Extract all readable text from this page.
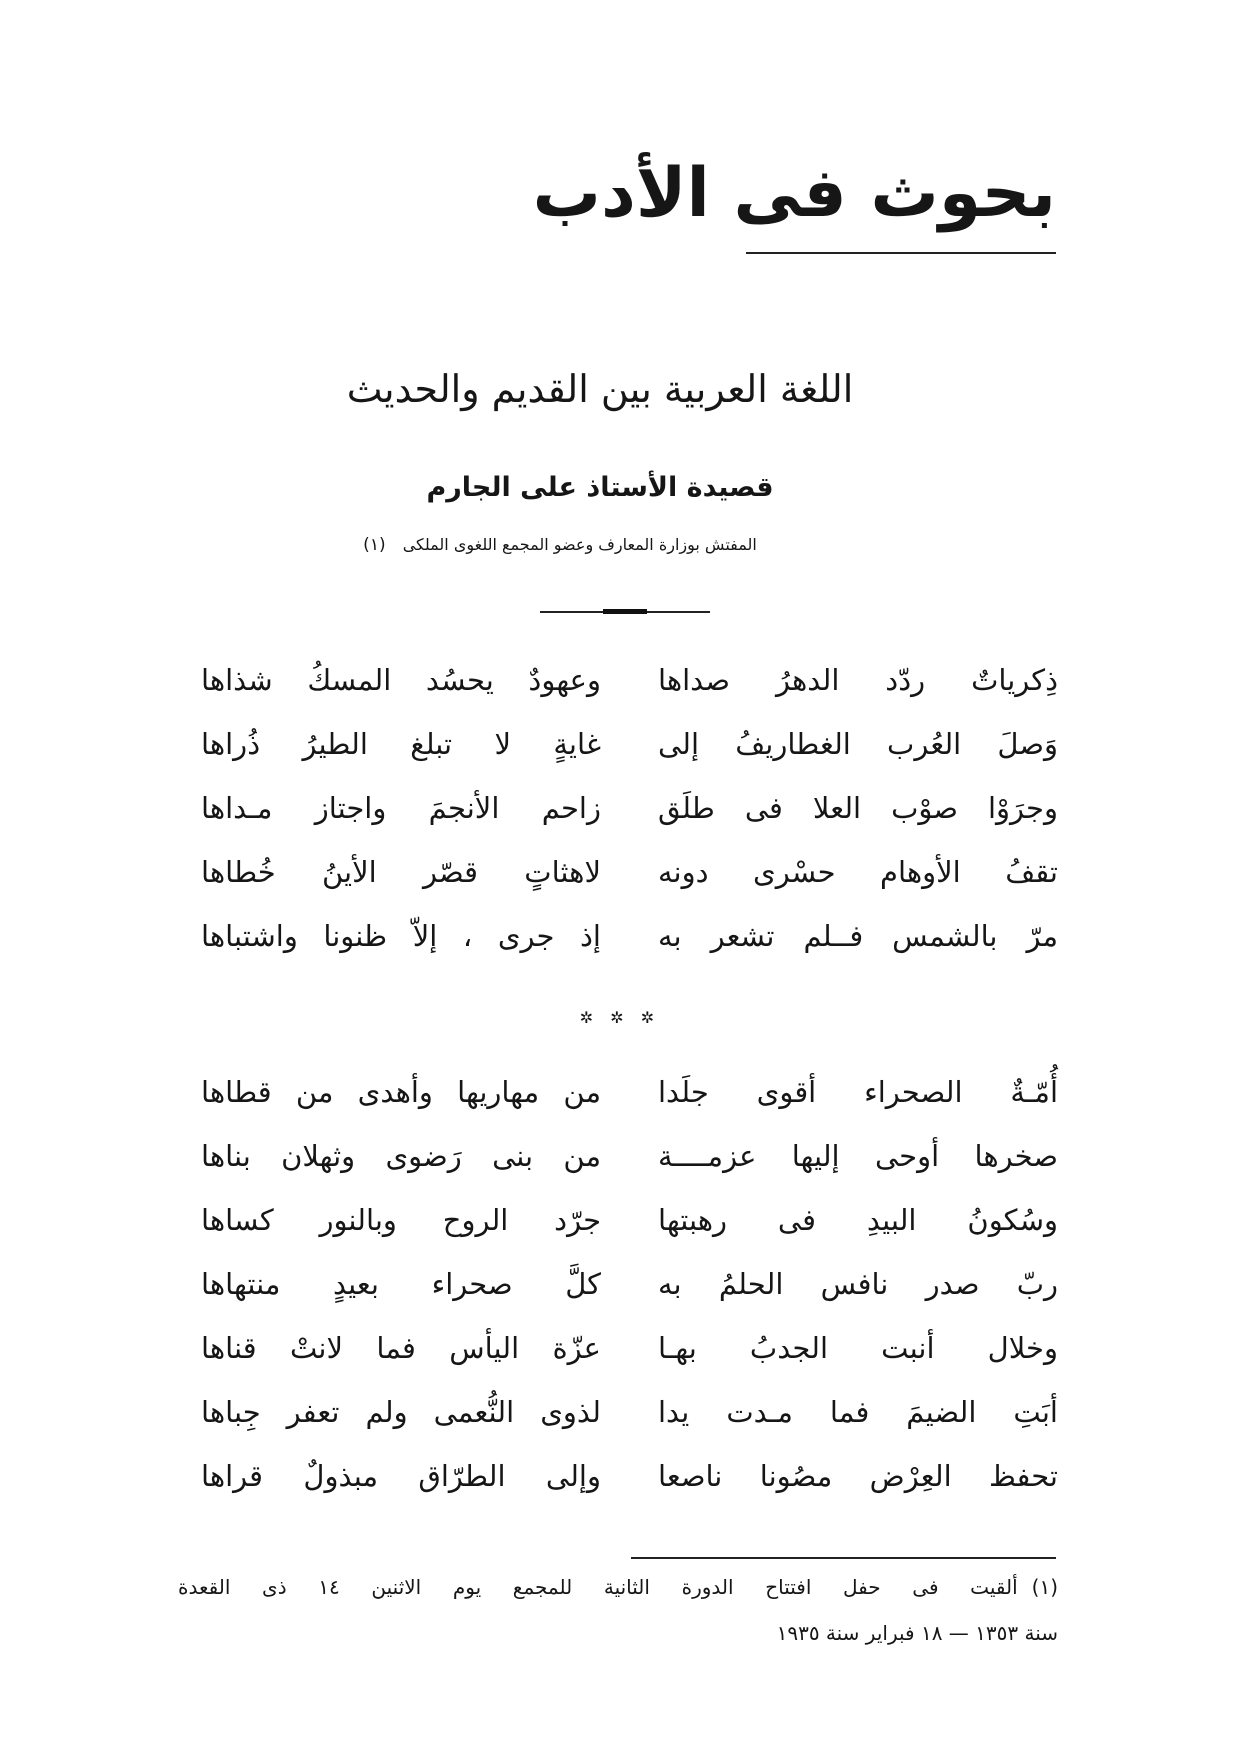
بحوث فى الأدب
اللغة العربية بين القديم والحديث
قصيدة الأستاذ على الجارم
المفتش بوزارة المعارف وعضو المجمع اللغوى الملكى (١)
ذِكرياتٌ ردّد الدهرُ صداها
وعهودٌ يحسُد المسكُ شذاها
وَصلَ العُرب الغطاريفُ إلى
غايةٍ لا تبلغ الطيرُ ذُراها
وجرَوْا صوْب العلا فى طلَق
زاحم الأنجمَ واجتاز مـداها
تقفُ الأوهام حسْرى دونه
لاهثاتٍ قصّر الأينُ خُطاها
مرّ بالشمس فــلم تشعر به
إذ جرى ، إلاّ ظنونا واشتباها
✲ ✲ ✲
أُمّـةٌ الصحراء أقوى جلَدا
من مهاريها وأهدى من قطاها
صخرها أوحى إليها عزمــــة
من بنى رَضوى وثهلان بناها
وسُكونُ البيدِ فى رهبتها
جرّد الروح وبالنور كساها
ربّ صدر نافس الحلمُ به
كلَّ صحراء بعيدٍ منتهاها
وخلال أنبت الجدبُ بهـا
عزّة اليأس فما لانتْ قناها
أبَتِ الضيمَ فما مـدت يدا
لذوى النُّعمى ولم تعفر جِباها
تحفظ العِرْض مصُونا ناصعا
وإلى الطرّاق مبذولٌ قراها
(١)ألقيت فى حفل افتتاح الدورة الثانية للمجمع يوم الاثنين ١٤ ذى القعدة
سنة ١٣٥٣ — ١٨ فبراير سنة ١٩٣٥
